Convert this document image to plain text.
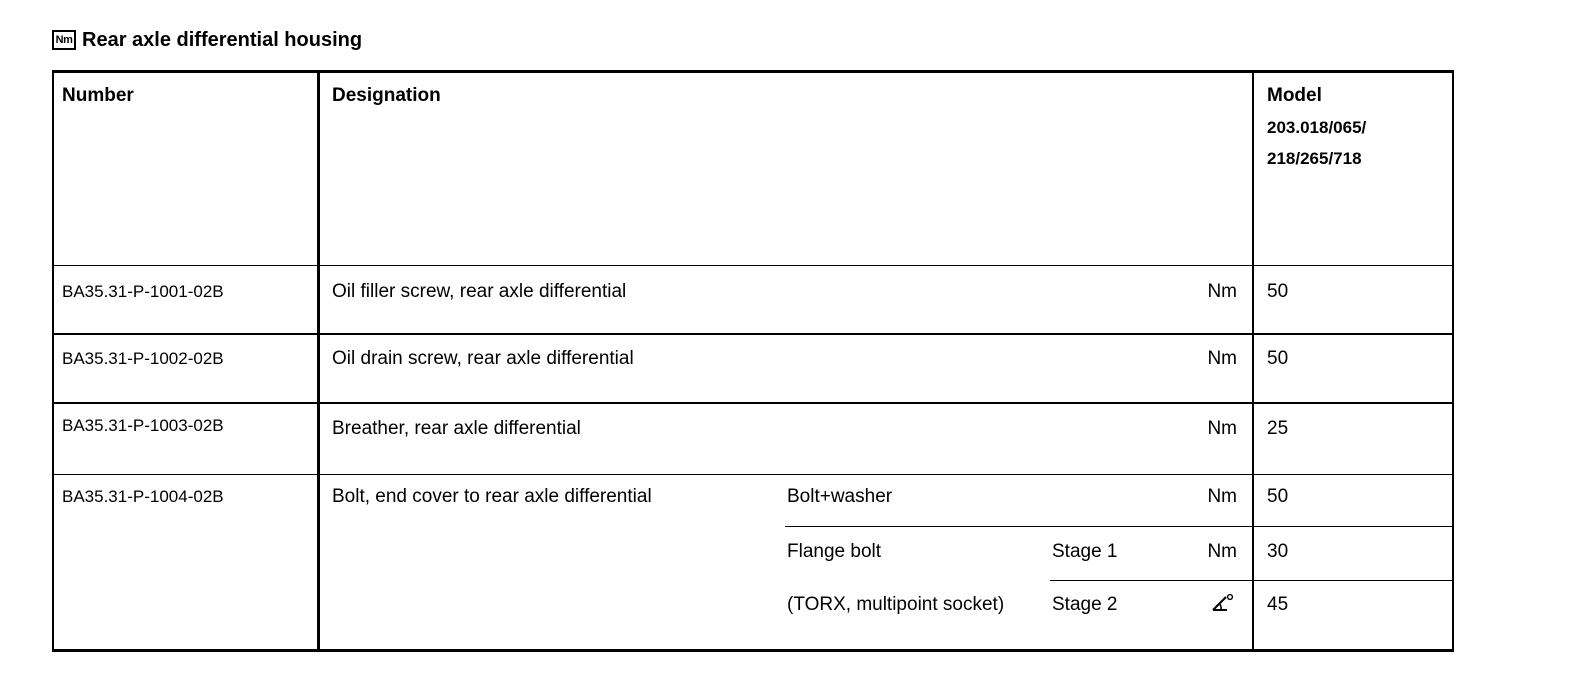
Nm Rear axle differential housing
Number	Designation	Model
203.018/065/
218/265/718
BA35.31-P-1001-02B	Oil filler screw, rear axle differential	Nm 50
BA35.31-P-1002-02B	Oil drain screw, rear axle differential	Nm 50
BA35.31-P-1003-02B	Breather, rear axle differential	Nm 25
BA35.31-P-1004-02B	Bolt, end cover to rear axle differential	Bolt+washer	Nm 50
Flange bolt	Stage 1	Nm 30
(TORX, multipoint socket)	Stage 2	45
